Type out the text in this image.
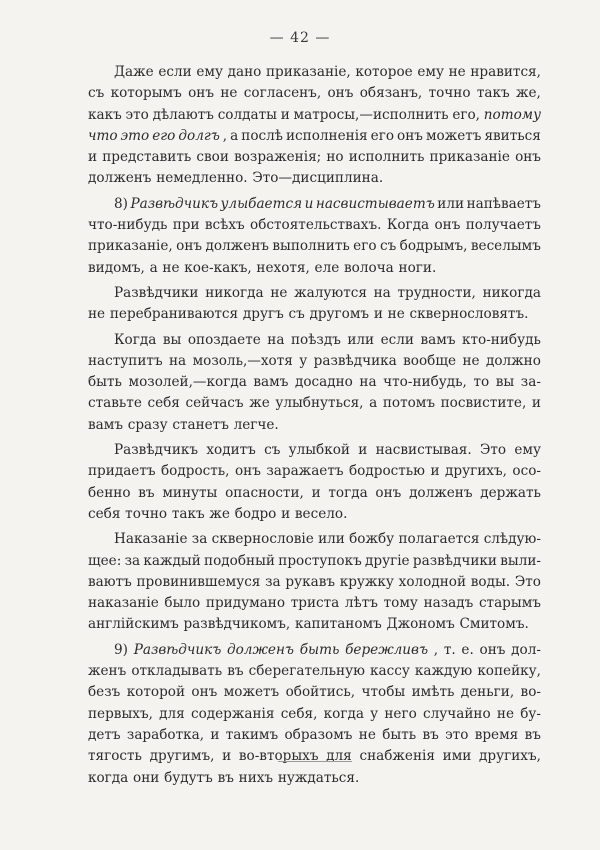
— 42 —
Даже если ему дано приказаніе, которое ему не нравится,
съ которымъ онъ не согласенъ, онъ обязанъ, точно такъ же,
какъ это дѣлаютъ солдаты и матросы,—исполнить его, потому
что это его долгъ , а послѣ исполненія его онъ можетъ явиться
и представить свои возраженія; но исполнить приказаніе онъ
долженъ немедленно. Это—дисциплина.
8) Развѣдчикъ улыбается и насвистываетъ или напѣваетъ
что-нибудь при всѣхъ обстоятельствахъ. Когда онъ получаетъ
приказаніе, онъ долженъ выполнить его съ бодрымъ, веселымъ
видомъ, а не кое-какъ, нехотя, еле волоча ноги.
Развѣдчики никогда не жалуются на трудности, никогда
не перебраниваются другъ съ другомъ и не сквернословятъ.
Когда вы опоздаете на поѣздъ или если вамъ кто-нибудь
наступитъ на мозоль,—хотя у развѣдчика вообще не должно
быть мозолей,—когда вамъ досадно на что-нибудь, то вы за-
ставьте себя сейчасъ же улыбнуться, а потомъ посвистите, и
вамъ сразу станетъ легче.
Развѣдчикъ ходитъ съ улыбкой и насвистывая. Это ему
придаетъ бодрость, онъ заражаетъ бодростью и другихъ, осо-
бенно въ минуты опасности, и тогда онъ долженъ держать
себя точно такъ же бодро и весело.
Наказаніе за сквернословіе или божбу полагается слѣдую-
щее: за каждый подобный проступокъ другіе развѣдчики выли-
ваютъ провинившемуся за рукавъ кружку холодной воды. Это
наказаніе было придумано триста лѣтъ тому назадъ старымъ
англійскимъ развѣдчикомъ, капитаномъ Джономъ Смитомъ.
9) Развѣдчикъ долженъ быть бережливъ , т. е. онъ дол-
женъ откладывать въ сберегательную кассу каждую копейку,
безъ которой онъ можетъ обойтись, чтобы имѣть деньги, во-
первыхъ, для содержанія себя, когда у него случайно не бу-
детъ заработка, и такимъ образомъ не быть въ это время въ
тягость другимъ, и во-вторыхъ для снабженія ими другихъ,
когда они будутъ въ нихъ нуждаться.
